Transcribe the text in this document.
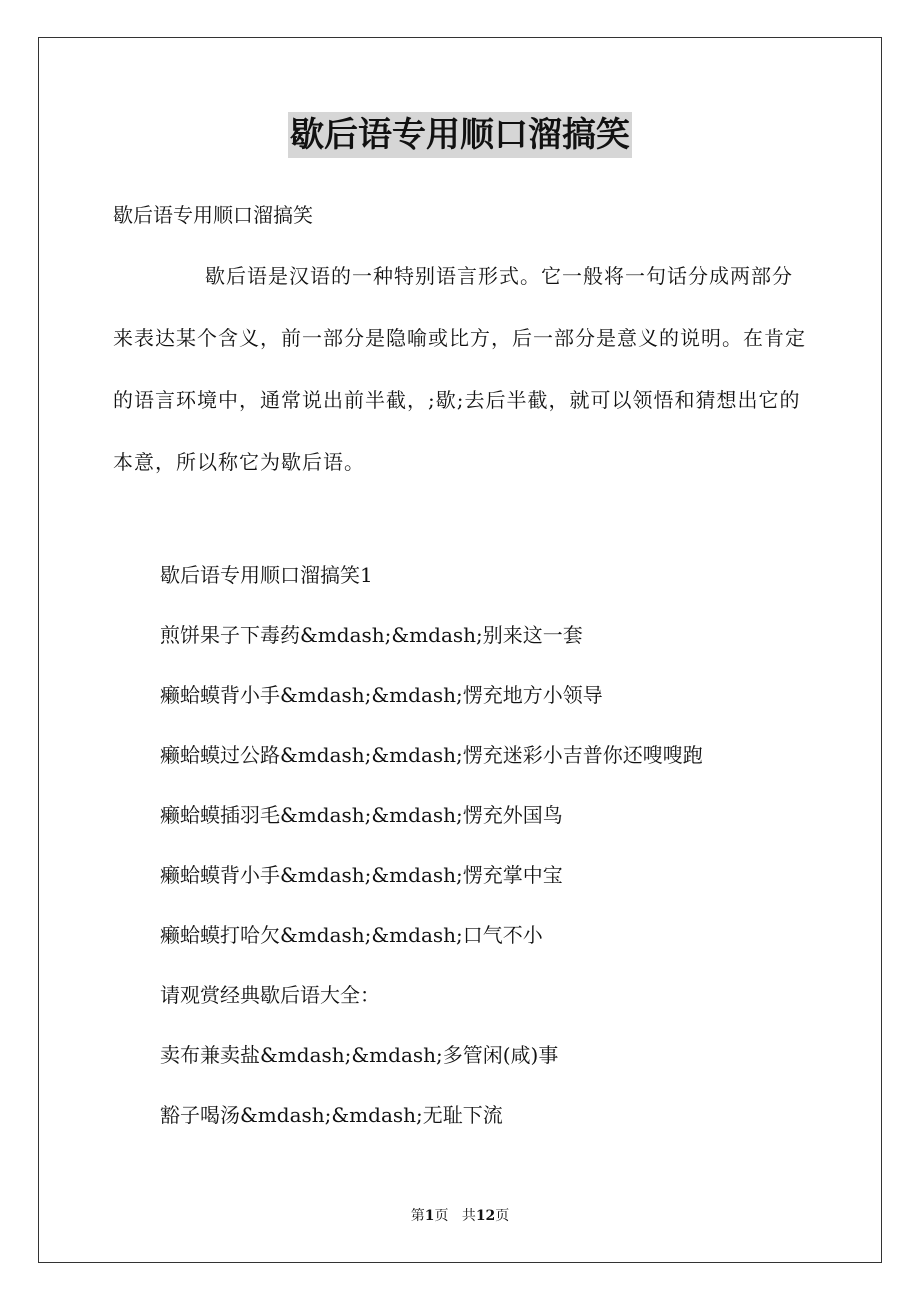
歇后语专用顺口溜搞笑
歇后语专用顺口溜搞笑
歇后语是汉语的一种特别语言形式。它一般将一句话分成两部分来表达某个含义，前一部分是隐喻或比方，后一部分是意义的说明。在肯定的语言环境中，通常说出前半截，;歇;去后半截，就可以领悟和猜想出它的本意，所以称它为歇后语。
歇后语专用顺口溜搞笑1
煎饼果子下毒药&mdash;&mdash;别来这一套
癞蛤蟆背小手&mdash;&mdash;愣充地方小领导
癞蛤蟆过公路&mdash;&mdash;愣充迷彩小吉普你还嗖嗖跑
癞蛤蟆插羽毛&mdash;&mdash;愣充外国鸟
癞蛤蟆背小手&mdash;&mdash;愣充掌中宝
癞蛤蟆打哈欠&mdash;&mdash;口气不小
请观赏经典歇后语大全：
卖布兼卖盐&mdash;&mdash;多管闲(咸)事
豁子喝汤&mdash;&mdash;无耻下流
第1页 共12页
